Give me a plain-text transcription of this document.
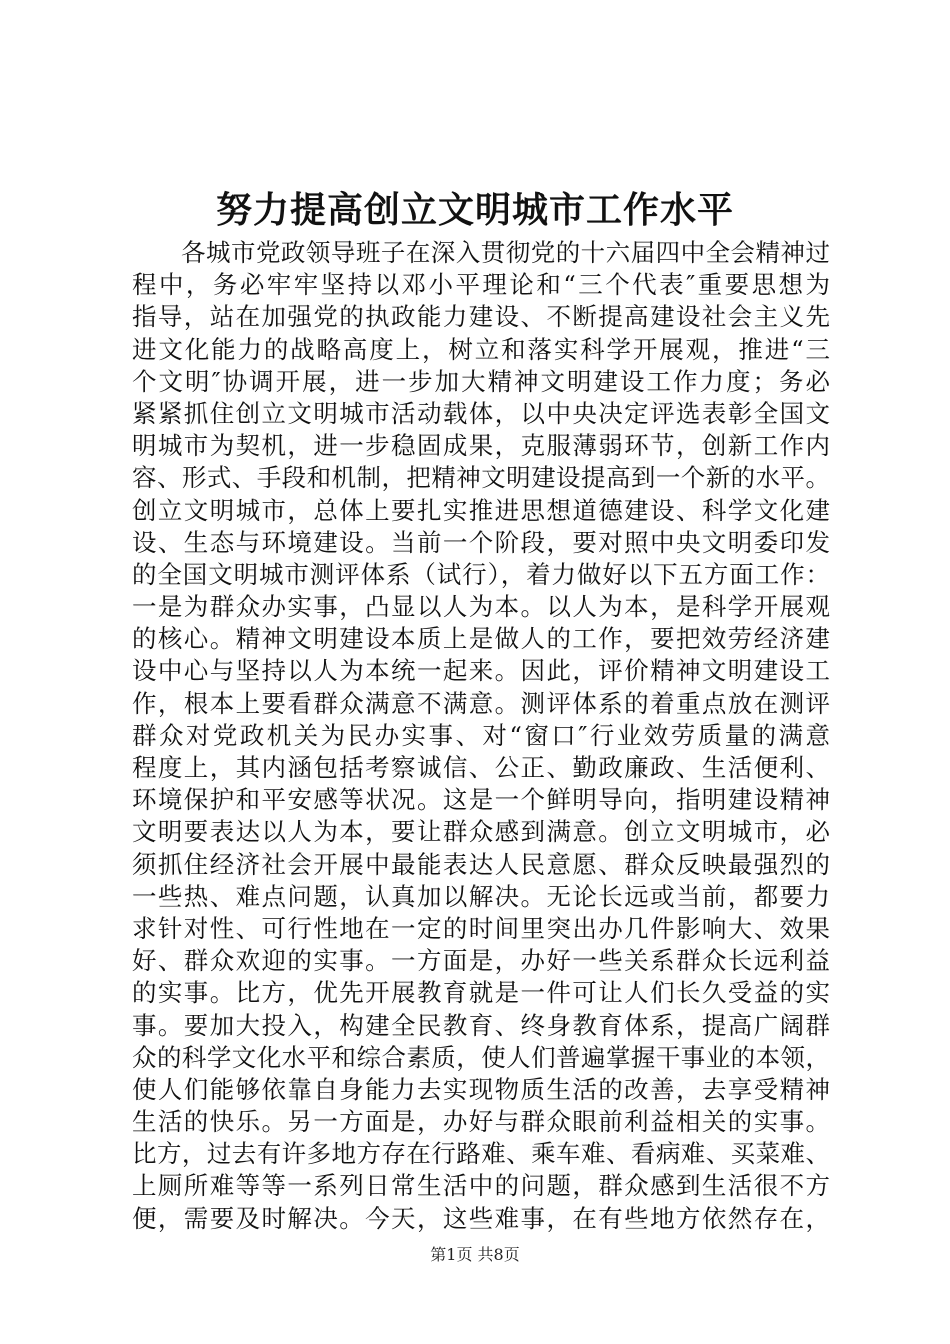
努力提高创立文明城市工作水平
各城市党政领导班子在深入贯彻党的十六届四中全会精神过
程中，务必牢牢坚持以邓小平理论和“三个代表″重要思想为
指导，站在加强党的执政能力建设、不断提高建设社会主义先
进文化能力的战略高度上，树立和落实科学开展观，推进“三
个文明″协调开展，进一步加大精神文明建设工作力度；务必
紧紧抓住创立文明城市活动载体，以中央决定评选表彰全国文
明城市为契机，进一步稳固成果，克服薄弱环节，创新工作内
容、形式、手段和机制，把精神文明建设提高到一个新的水平。
创立文明城市，总体上要扎实推进思想道德建设、科学文化建
设、生态与环境建设。当前一个阶段，要对照中央文明委印发
的全国文明城市测评体系（试行），着力做好以下五方面工作：
一是为群众办实事，凸显以人为本。以人为本，是科学开展观
的核心。精神文明建设本质上是做人的工作，要把效劳经济建
设中心与坚持以人为本统一起来。因此，评价精神文明建设工
作，根本上要看群众满意不满意。测评体系的着重点放在测评
群众对党政机关为民办实事、对“窗口″行业效劳质量的满意
程度上，其内涵包括考察诚信、公正、勤政廉政、生活便利、
环境保护和平安感等状况。这是一个鲜明导向，指明建设精神
文明要表达以人为本，要让群众感到满意。创立文明城市，必
须抓住经济社会开展中最能表达人民意愿、群众反映最强烈的
一些热、难点问题，认真加以解决。无论长远或当前，都要力
求针对性、可行性地在一定的时间里突出办几件影响大、效果
好、群众欢迎的实事。一方面是，办好一些关系群众长远利益
的实事。比方，优先开展教育就是一件可让人们长久受益的实
事。要加大投入，构建全民教育、终身教育体系，提高广阔群
众的科学文化水平和综合素质，使人们普遍掌握干事业的本领，
使人们能够依靠自身能力去实现物质生活的改善，去享受精神
生活的快乐。另一方面是，办好与群众眼前利益相关的实事。
比方，过去有许多地方存在行路难、乘车难、看病难、买菜难、
上厕所难等等一系列日常生活中的问题，群众感到生活很不方
便，需要及时解决。今天，这些难事，在有些地方依然存在，
第1页 共8页
